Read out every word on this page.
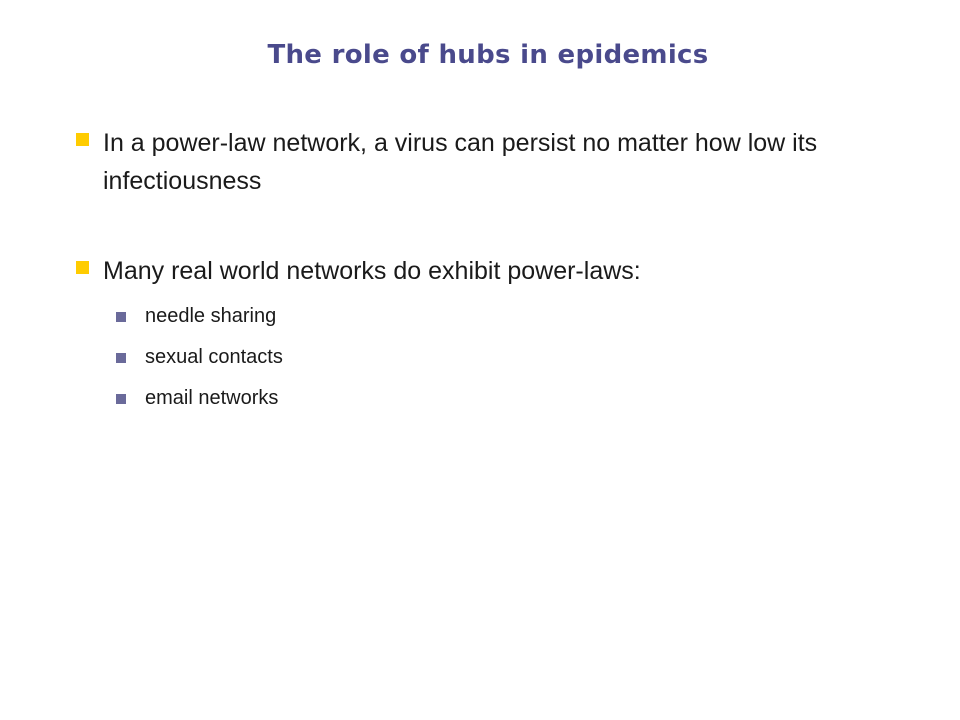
The role of hubs in epidemics
In a power-law network, a virus can persist no matter how low its infectiousness
Many real world networks do exhibit power-laws:
needle sharing
sexual contacts
email networks
